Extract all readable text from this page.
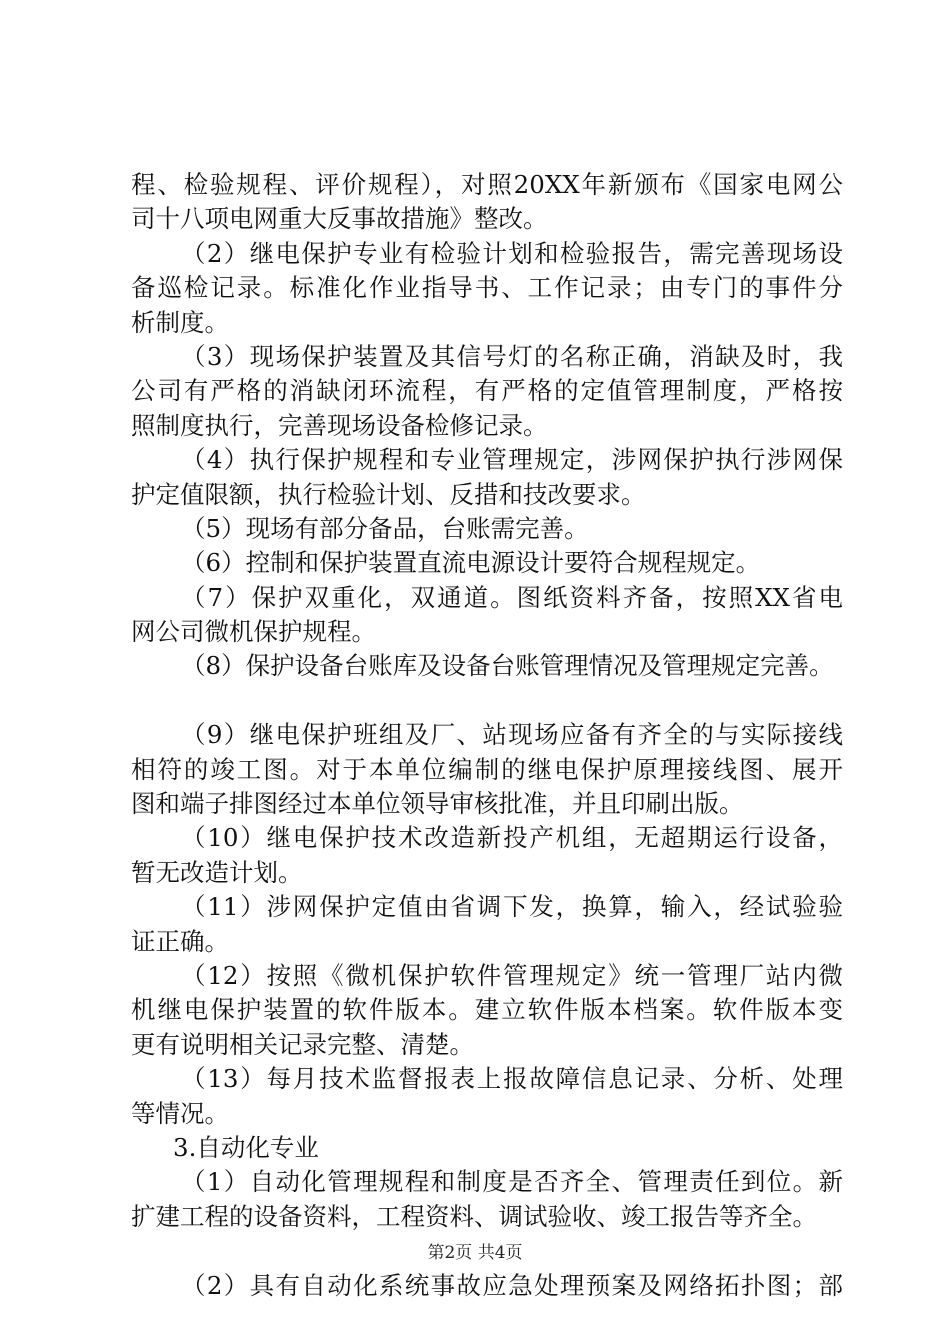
程、检验规程、评价规程），对照20XX年新颁布《国家电网公
司十八项电网重大反事故措施》整改。
（2）继电保护专业有检验计划和检验报告，需完善现场设
备巡检记录。标准化作业指导书、工作记录；由专门的事件分
析制度。
（3）现场保护装置及其信号灯的名称正确，消缺及时，我
公司有严格的消缺闭环流程，有严格的定值管理制度，严格按
照制度执行，完善现场设备检修记录。
（4）执行保护规程和专业管理规定，涉网保护执行涉网保
护定值限额，执行检验计划、反措和技改要求。
（5）现场有部分备品，台账需完善。
（6）控制和保护装置直流电源设计要符合规程规定。
（7）保护双重化，双通道。图纸资料齐备，按照XX省电
网公司微机保护规程。
（8）保护设备台账库及设备台账管理情况及管理规定完善。
（9）继电保护班组及厂、站现场应备有齐全的与实际接线
相符的竣工图。对于本单位编制的继电保护原理接线图、展开
图和端子排图经过本单位领导审核批准，并且印刷出版。
（10）继电保护技术改造新投产机组，无超期运行设备，
暂无改造计划。
（11）涉网保护定值由省调下发，换算，输入，经试验验
证正确。
（12）按照《微机保护软件管理规定》统一管理厂站内微
机继电保护装置的软件版本。建立软件版本档案。软件版本变
更有说明相关记录完整、清楚。
（13）每月技术监督报表上报故障信息记录、分析、处理
等情况。
3.自动化专业
（1）自动化管理规程和制度是否齐全、管理责任到位。新
扩建工程的设备资料，工程资料、调试验收、竣工报告等齐全。
（2）具有自动化系统事故应急处理预案及网络拓扑图；部
第2页 共4页
